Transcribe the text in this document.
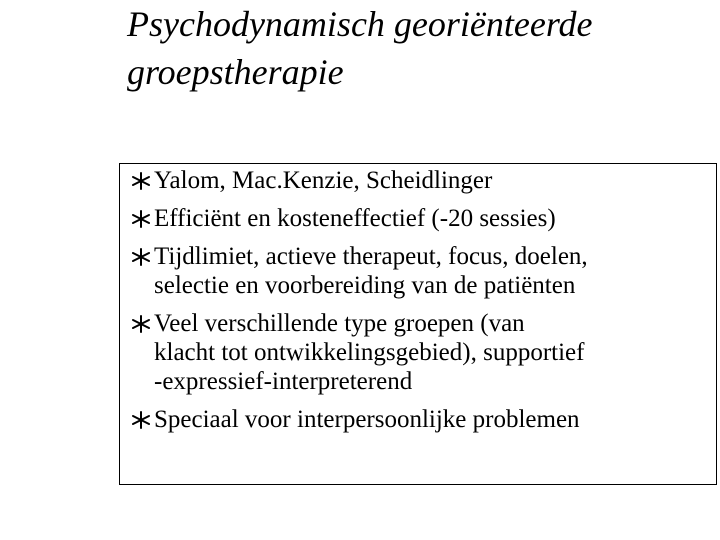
Psychodynamisch georiënteerde
groepstherapie
Yalom, Mac.Kenzie, Scheidlinger
Efficiënt en kosteneffectief (-20 sessies)
Tijdlimiet, actieve therapeut, focus, doelen,
selectie en voorbereiding van de patiënten
Veel verschillende type groepen (van
klacht tot ontwikkelingsgebied), supportief
-expressief-interpreterend
Speciaal voor interpersoonlijke problemen
